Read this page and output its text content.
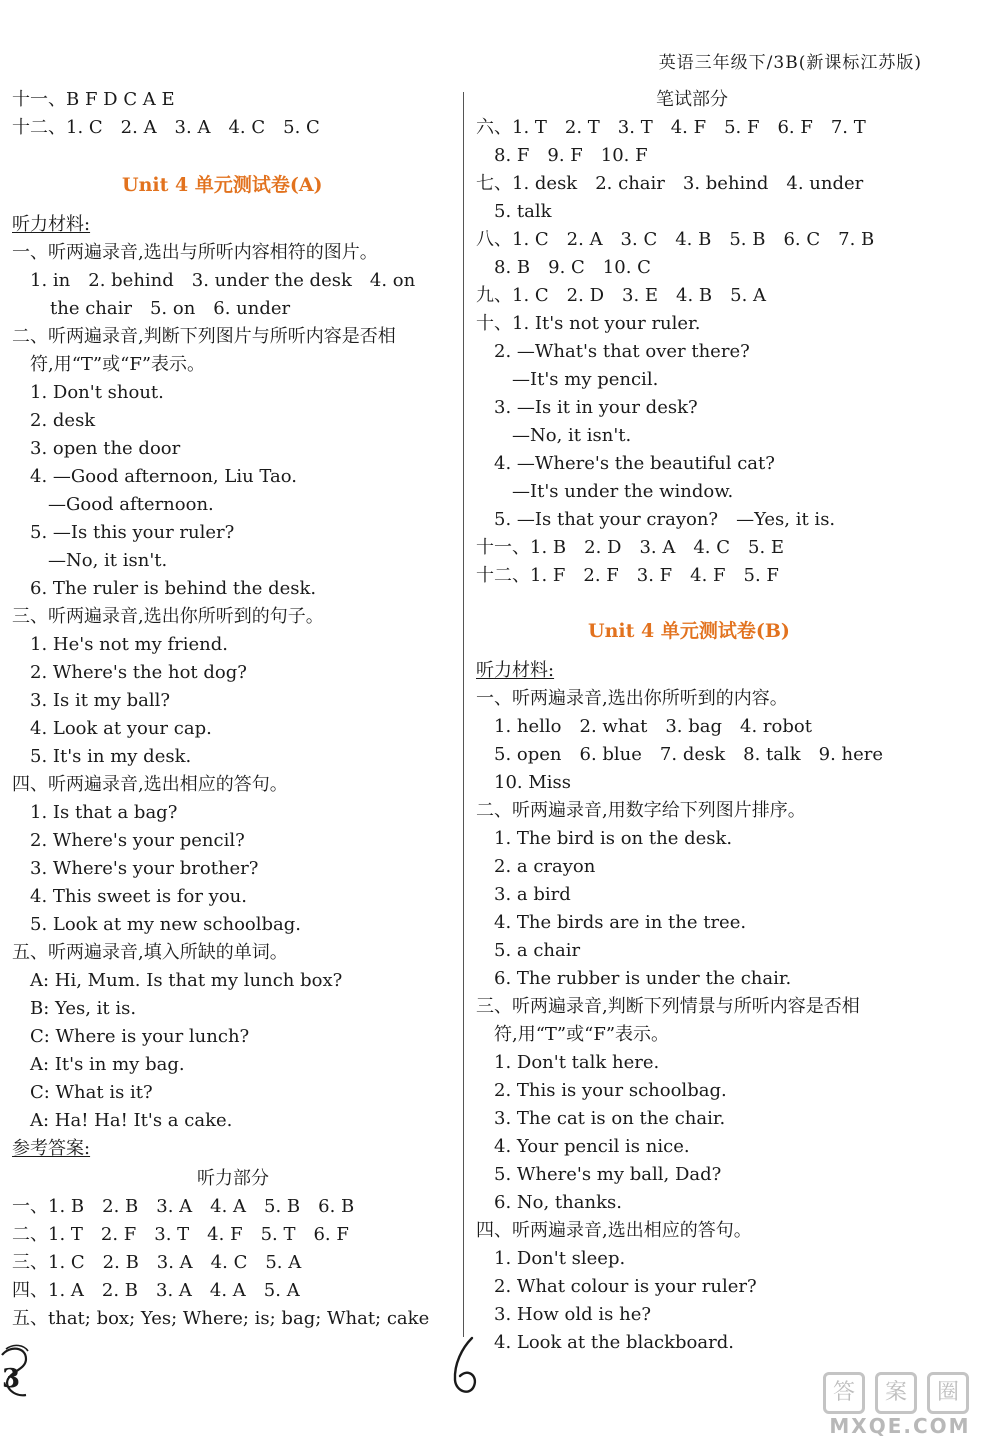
英语三年级下/3B(新课标江苏版)
十一、B F D C A E
十二、1. C　2. A　3. A　4. C　5. C
Unit 4 单元测试卷(A)
听力材料:
一、听两遍录音,选出与所听内容相符的图片。
　1. in　2. behind　3. under the desk　4. on
the chair　5. on　6. under
二、听两遍录音,判断下列图片与所听内容是否相
符,用“T”或“F”表示。
　1. Don't shout.
　2. desk
　3. open the door
　4. —Good afternoon, Liu Tao.
　　—Good afternoon.
　5. —Is this your ruler?
　　—No, it isn't.
　6. The ruler is behind the desk.
三、听两遍录音,选出你所听到的句子。
　1. He's not my friend.
　2. Where's the hot dog?
　3. Is it my ball?
　4. Look at your cap.
　5. It's in my desk.
四、听两遍录音,选出相应的答句。
　1. Is that a bag?
　2. Where's your pencil?
　3. Where's your brother?
　4. This sweet is for you.
　5. Look at my new schoolbag.
五、听两遍录音,填入所缺的单词。
　A: Hi, Mum. Is that my lunch box?
　B: Yes, it is.
　C: Where is your lunch?
　A: It's in my bag.
　C: What is it?
　A: Ha! Ha! It's a cake.
参考答案:
听力部分
一、1. B　2. B　3. A　4. A　5. B　6. B
二、1. T　2. F　3. T　4. F　5. T　6. F
三、1. C　2. B　3. A　4. C　5. A
四、1. A　2. B　3. A　4. A　5. A
五、that; box; Yes; Where; is; bag; What; cake
笔试部分
六、1. T　2. T　3. T　4. F　5. F　6. F　7. T
　8. F　9. F　10. F
七、1. desk　2. chair　3. behind　4. under
　5. talk
八、1. C　2. A　3. C　4. B　5. B　6. C　7. B
　8. B　9. C　10. C
九、1. C　2. D　3. E　4. B　5. A
十、1. It's not your ruler.
　2. —What's that over there?
　　—It's my pencil.
　3. —Is it in your desk?
　　—No, it isn't.
　4. —Where's the beautiful cat?
　　—It's under the window.
　5. —Is that your crayon?　—Yes, it is.
十一、1. B　2. D　3. A　4. C　5. E
十二、1. F　2. F　3. F　4. F　5. F
Unit 4 单元测试卷(B)
听力材料:
一、听两遍录音,选出你所听到的内容。
　1. hello　2. what　3. bag　4. robot
　5. open　6. blue　7. desk　8. talk　9. here
　10. Miss
二、听两遍录音,用数字给下列图片排序。
　1. The bird is on the desk.
　2. a crayon
　3. a bird
　4. The birds are in the tree.
　5. a chair
　6. The rubber is under the chair.
三、听两遍录音,判断下列情景与所听内容是否相
符,用“T”或“F”表示。
　1. Don't talk here.
　2. This is your schoolbag.
　3. The cat is on the chair.
　4. Your pencil is nice.
　5. Where's my ball, Dad?
　6. No, thanks.
四、听两遍录音,选出相应的答句。
　1. Don't sleep.
　2. What colour is your ruler?
　3. How old is he?
　4. Look at the blackboard.
3	答	案	圈
MXQE.COM
